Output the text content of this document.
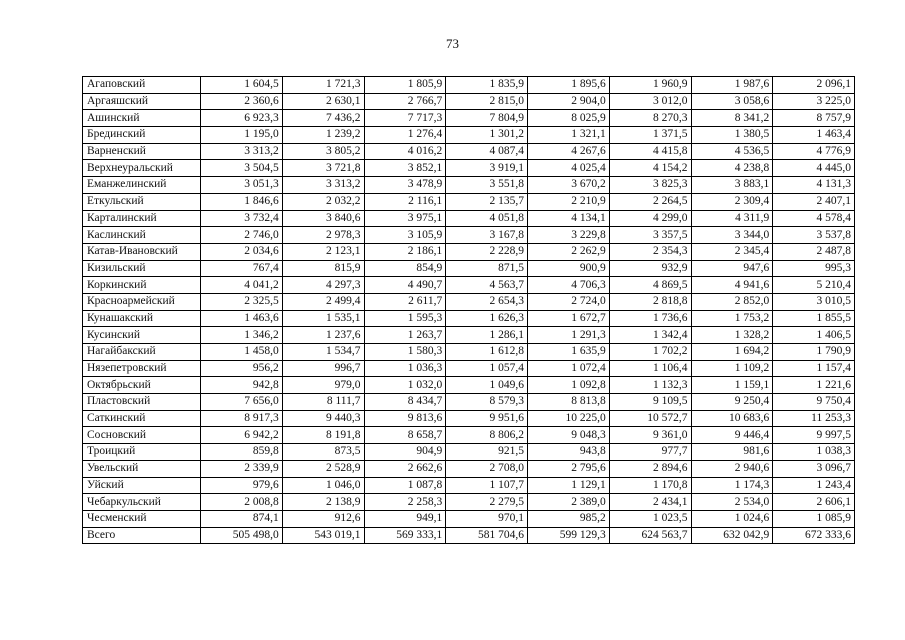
73
Агаповский	1 604,5	1 721,3	1 805,9	1 835,9	1 895,6	1 960,9	1 987,6	2 096,1
Аргаяшский	2 360,6	2 630,1	2 766,7	2 815,0	2 904,0	3 012,0	3 058,6	3 225,0
Ашинский	6 923,3	7 436,2	7 717,3	7 804,9	8 025,9	8 270,3	8 341,2	8 757,9
Брединский	1 195,0	1 239,2	1 276,4	1 301,2	1 321,1	1 371,5	1 380,5	1 463,4
Варненский	3 313,2	3 805,2	4 016,2	4 087,4	4 267,6	4 415,8	4 536,5	4 776,9
Верхнеуральский	3 504,5	3 721,8	3 852,1	3 919,1	4 025,4	4 154,2	4 238,8	4 445,0
Еманжелинский	3 051,3	3 313,2	3 478,9	3 551,8	3 670,2	3 825,3	3 883,1	4 131,3
Еткульский	1 846,6	2 032,2	2 116,1	2 135,7	2 210,9	2 264,5	2 309,4	2 407,1
Карталинский	3 732,4	3 840,6	3 975,1	4 051,8	4 134,1	4 299,0	4 311,9	4 578,4
Каслинский	2 746,0	2 978,3	3 105,9	3 167,8	3 229,8	3 357,5	3 344,0	3 537,8
Катав-Ивановский	2 034,6	2 123,1	2 186,1	2 228,9	2 262,9	2 354,3	2 345,4	2 487,8
Кизильский	767,4	815,9	854,9	871,5	900,9	932,9	947,6	995,3
Коркинский	4 041,2	4 297,3	4 490,7	4 563,7	4 706,3	4 869,5	4 941,6	5 210,4
Красноармейский	2 325,5	2 499,4	2 611,7	2 654,3	2 724,0	2 818,8	2 852,0	3 010,5
Кунашакский	1 463,6	1 535,1	1 595,3	1 626,3	1 672,7	1 736,6	1 753,2	1 855,5
Кусинский	1 346,2	1 237,6	1 263,7	1 286,1	1 291,3	1 342,4	1 328,2	1 406,5
Нагайбакский	1 458,0	1 534,7	1 580,3	1 612,8	1 635,9	1 702,2	1 694,2	1 790,9
Нязепетровский	956,2	996,7	1 036,3	1 057,4	1 072,4	1 106,4	1 109,2	1 157,4
Октябрьский	942,8	979,0	1 032,0	1 049,6	1 092,8	1 132,3	1 159,1	1 221,6
Пластовский	7 656,0	8 111,7	8 434,7	8 579,3	8 813,8	9 109,5	9 250,4	9 750,4
Саткинский	8 917,3	9 440,3	9 813,6	9 951,6	10 225,0	10 572,7	10 683,6	11 253,3
Сосновский	6 942,2	8 191,8	8 658,7	8 806,2	9 048,3	9 361,0	9 446,4	9 997,5
Троицкий	859,8	873,5	904,9	921,5	943,8	977,7	981,6	1 038,3
Увельский	2 339,9	2 528,9	2 662,6	2 708,0	2 795,6	2 894,6	2 940,6	3 096,7
Уйский	979,6	1 046,0	1 087,8	1 107,7	1 129,1	1 170,8	1 174,3	1 243,4
Чебаркульский	2 008,8	2 138,9	2 258,3	2 279,5	2 389,0	2 434,1	2 534,0	2 606,1
Чесменский	874,1	912,6	949,1	970,1	985,2	1 023,5	1 024,6	1 085,9
Всего	505 498,0	543 019,1	569 333,1	581 704,6	599 129,3	624 563,7	632 042,9	672 333,6
